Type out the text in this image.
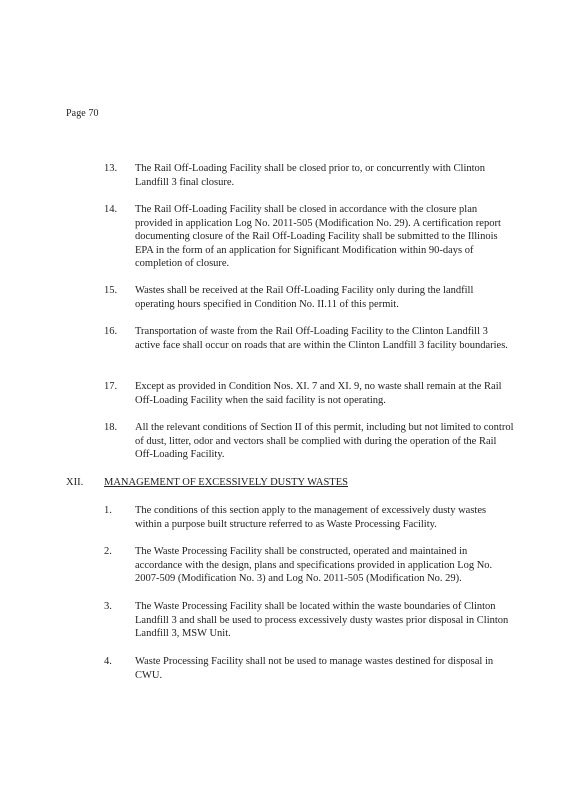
Page 70
13. The Rail Off-Loading Facility shall be closed prior to, or concurrently with Clinton Landfill 3 final closure.
14. The Rail Off-Loading Facility shall be closed in accordance with the closure plan provided in application Log No. 2011-505 (Modification No. 29). A certification report documenting closure of the Rail Off-Loading Facility shall be submitted to the Illinois EPA in the form of an application for Significant Modification within 90-days of completion of closure.
15. Wastes shall be received at the Rail Off-Loading Facility only during the landfill operating hours specified in Condition No. II.11 of this permit.
16. Transportation of waste from the Rail Off-Loading Facility to the Clinton Landfill 3 active face shall occur on roads that are within the Clinton Landfill 3 facility boundaries.
17. Except as provided in Condition Nos. XI. 7 and XI. 9, no waste shall remain at the Rail Off-Loading Facility when the said facility is not operating.
18. All the relevant conditions of Section II of this permit, including but not limited to control of dust, litter, odor and vectors shall be complied with during the operation of the Rail Off-Loading Facility.
XII. MANAGEMENT OF EXCESSIVELY DUSTY WASTES
1. The conditions of this section apply to the management of excessively dusty wastes within a purpose built structure referred to as Waste Processing Facility.
2. The Waste Processing Facility shall be constructed, operated and maintained in accordance with the design, plans and specifications provided in application Log No. 2007-509 (Modification No. 3) and Log No. 2011-505 (Modification No. 29).
3. The Waste Processing Facility shall be located within the waste boundaries of Clinton Landfill 3 and shall be used to process excessively dusty wastes prior disposal in Clinton Landfill 3, MSW Unit.
4. Waste Processing Facility shall not be used to manage wastes destined for disposal in CWU.
